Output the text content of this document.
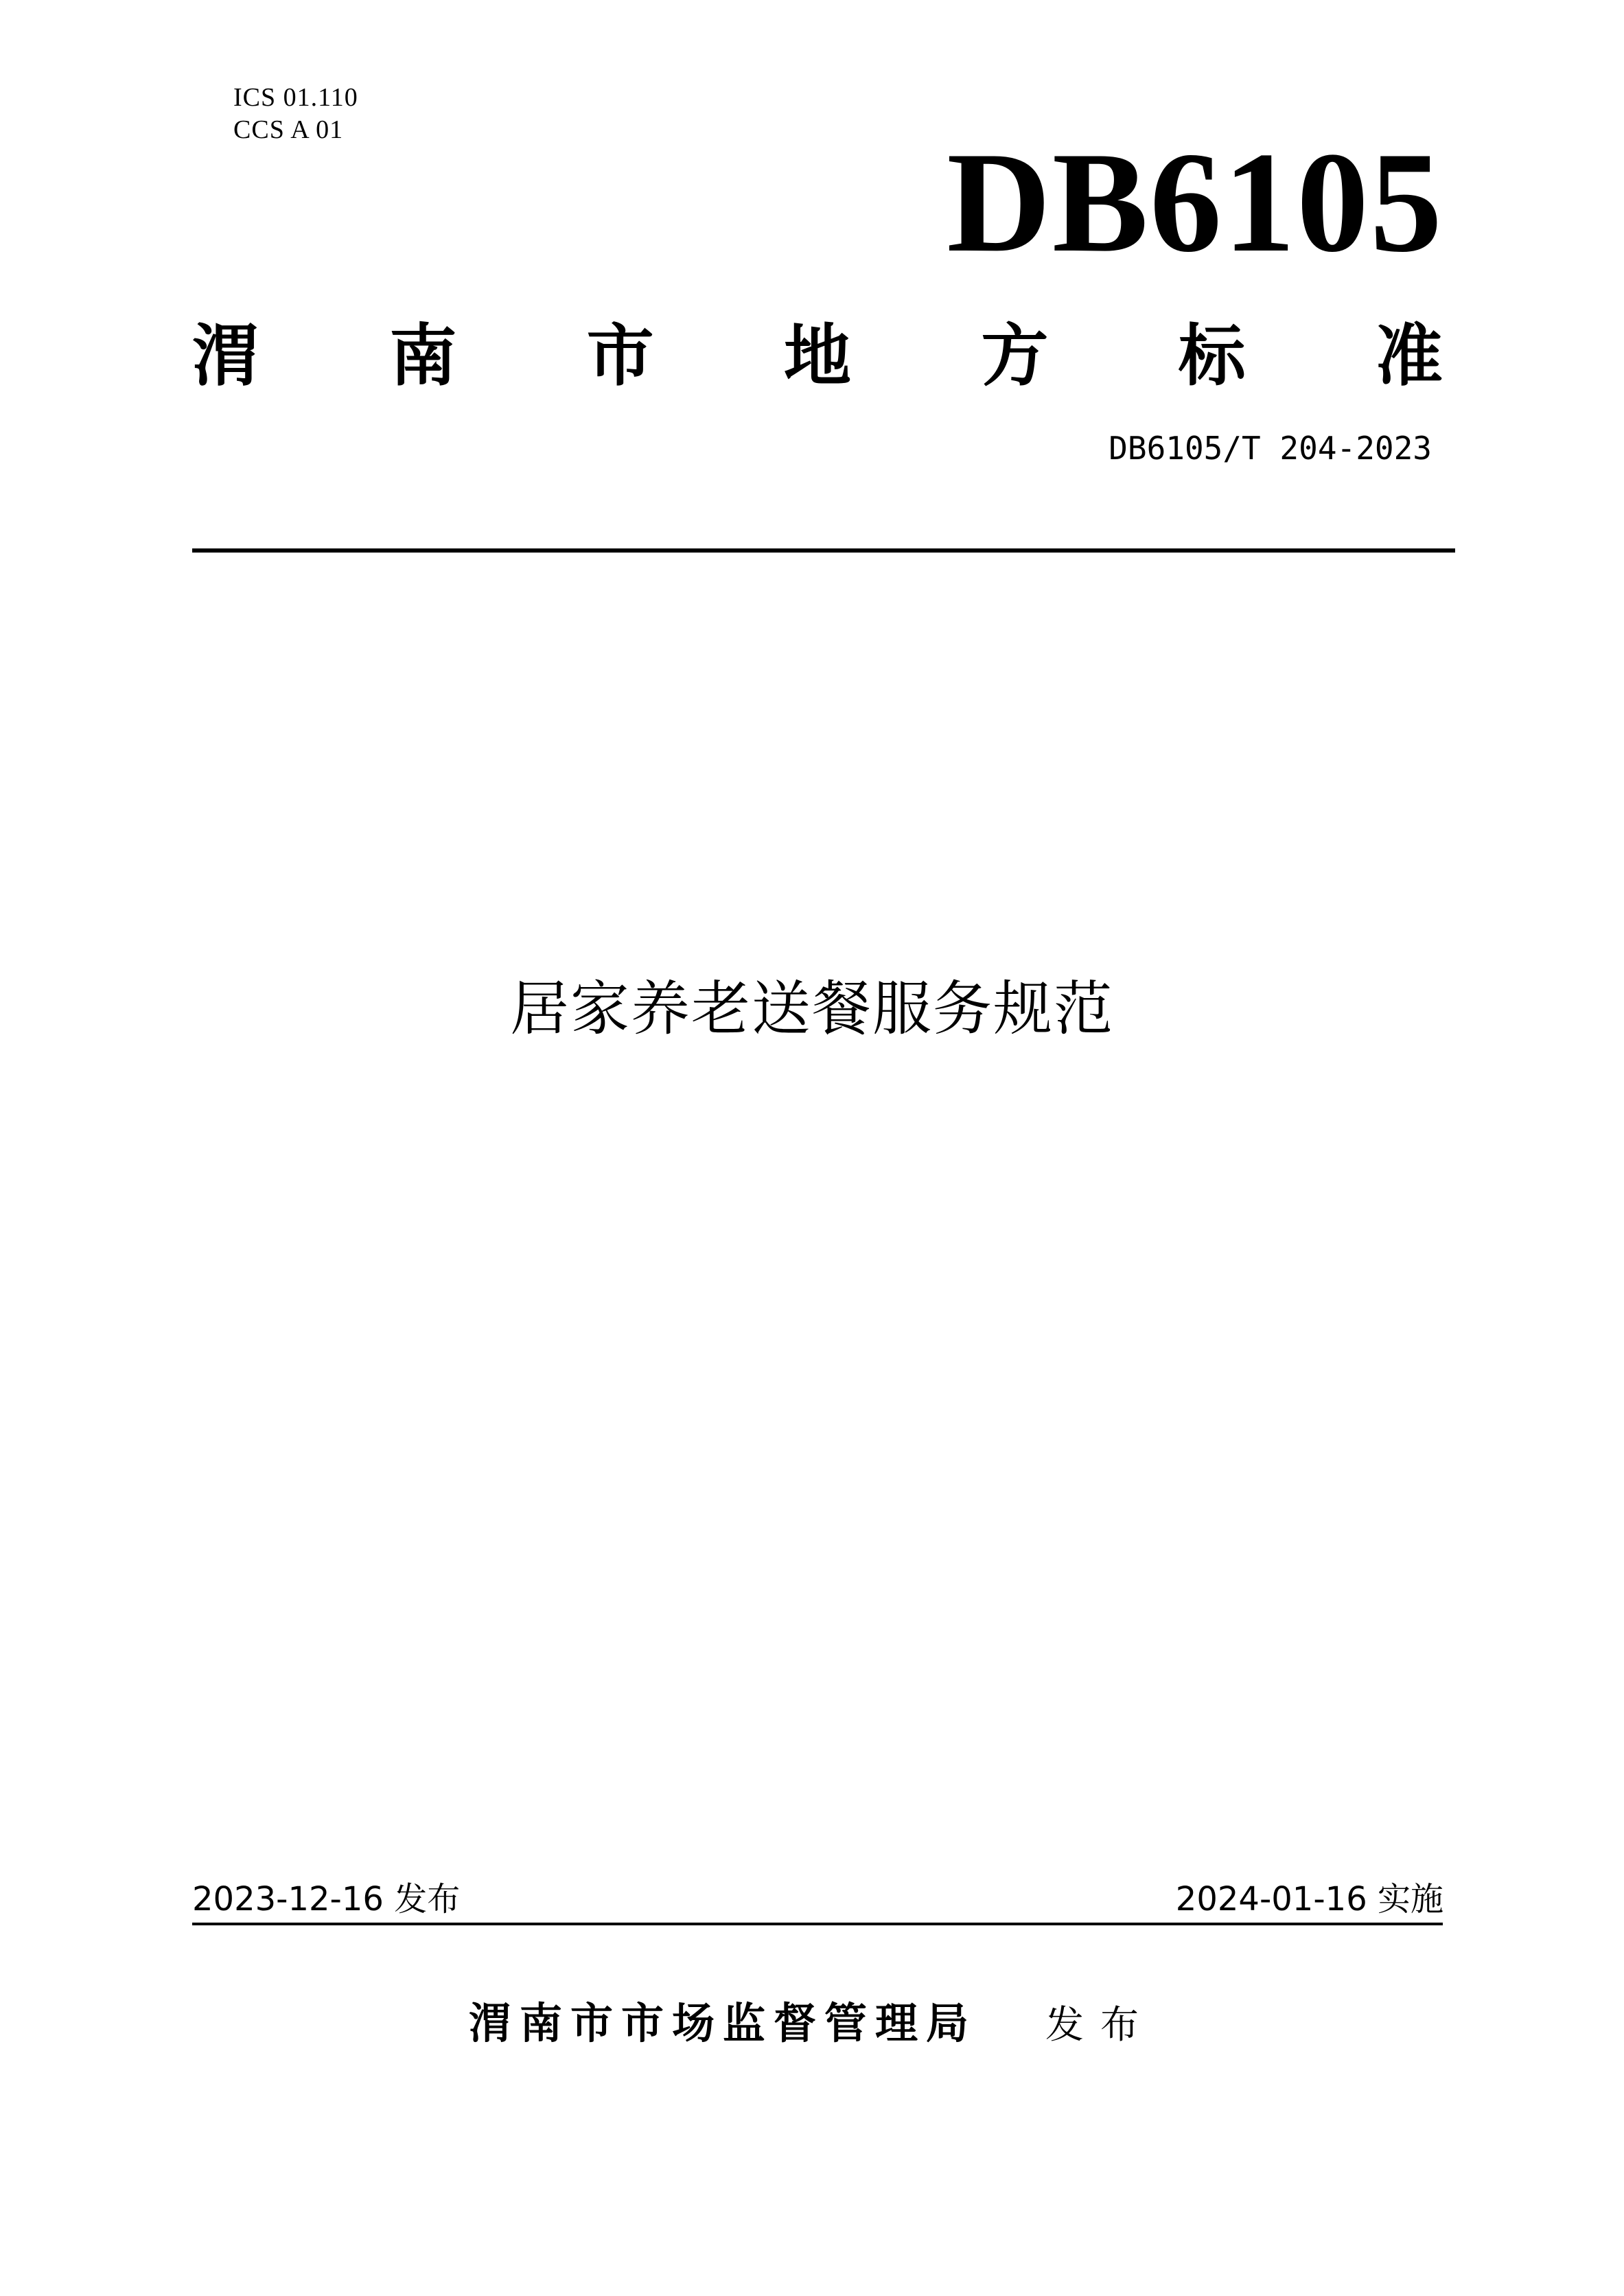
ICS 01.110
CCS A 01	DB6105
渭 南 市 地 方 标 准
DB6105/T 204-2023
居家养老送餐服务规范
2023-12-16 发布	2024-01-16 实施
渭南市市场监督管理局 发布
